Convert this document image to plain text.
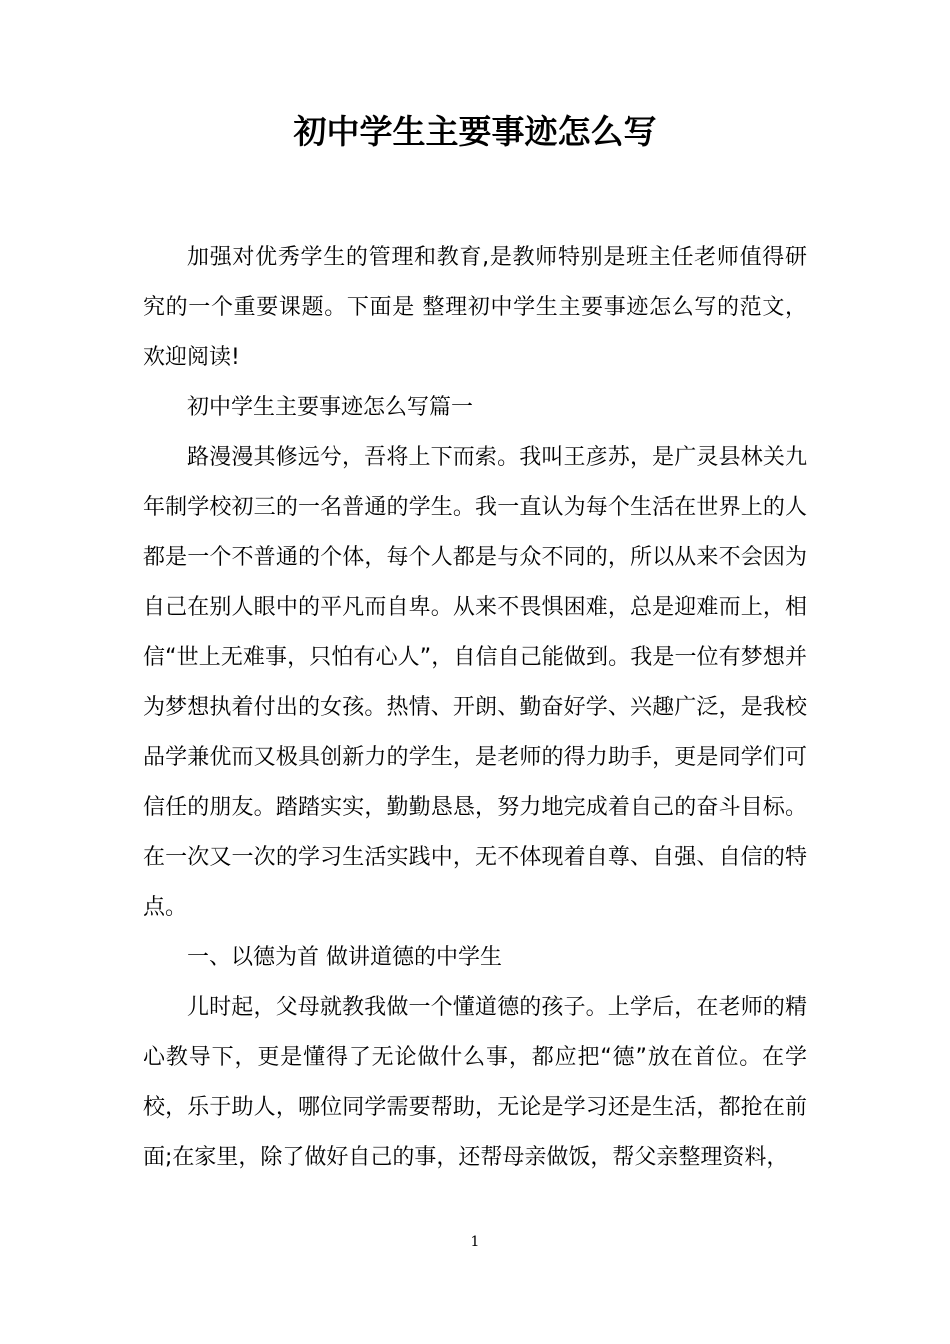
初中学生主要事迹怎么写

加强对优秀学生的管理和教育,是教师特别是班主任老师值得研究的一个重要课题。下面是 整理初中学生主要事迹怎么写的范文，欢迎阅读!

初中学生主要事迹怎么写篇一

路漫漫其修远兮，吾将上下而索。我叫王彦苏，是广灵县林关九年制学校初三的一名普通的学生。我一直认为每个生活在世界上的人都是一个不普通的个体，每个人都是与众不同的，所以从来不会因为自己在别人眼中的平凡而自卑。从来不畏惧困难，总是迎难而上，相信“世上无难事，只怕有心人”，自信自己能做到。我是一位有梦想并为梦想执着付出的女孩。热情、开朗、勤奋好学、兴趣广泛，是我校品学兼优而又极具创新力的学生，是老师的得力助手，更是同学们可信任的朋友。踏踏实实，勤勤恳恳，努力地完成着自己的奋斗目标。在一次又一次的学习生活实践中，无不体现着自尊、自强、自信的特点。

一、以德为首 做讲道德的中学生

儿时起，父母就教我做一个懂道德的孩子。上学后，在老师的精心教导下，更是懂得了无论做什么事，都应把“德”放在首位。在学校，乐于助人，哪位同学需要帮助，无论是学习还是生活，都抢在前面;在家里，除了做好自己的事，还帮母亲做饭，帮父亲整理资料，

1
